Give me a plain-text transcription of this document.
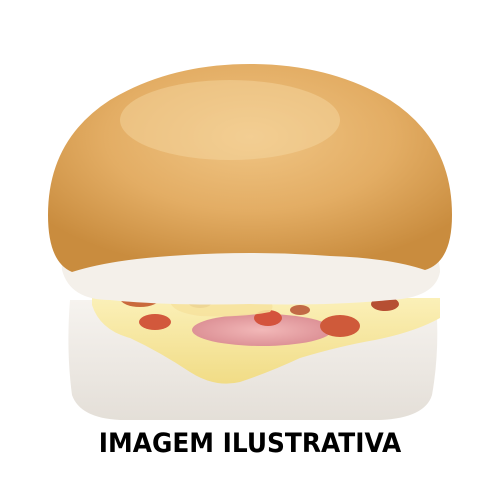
IMAGEM ILUSTRATIVA
